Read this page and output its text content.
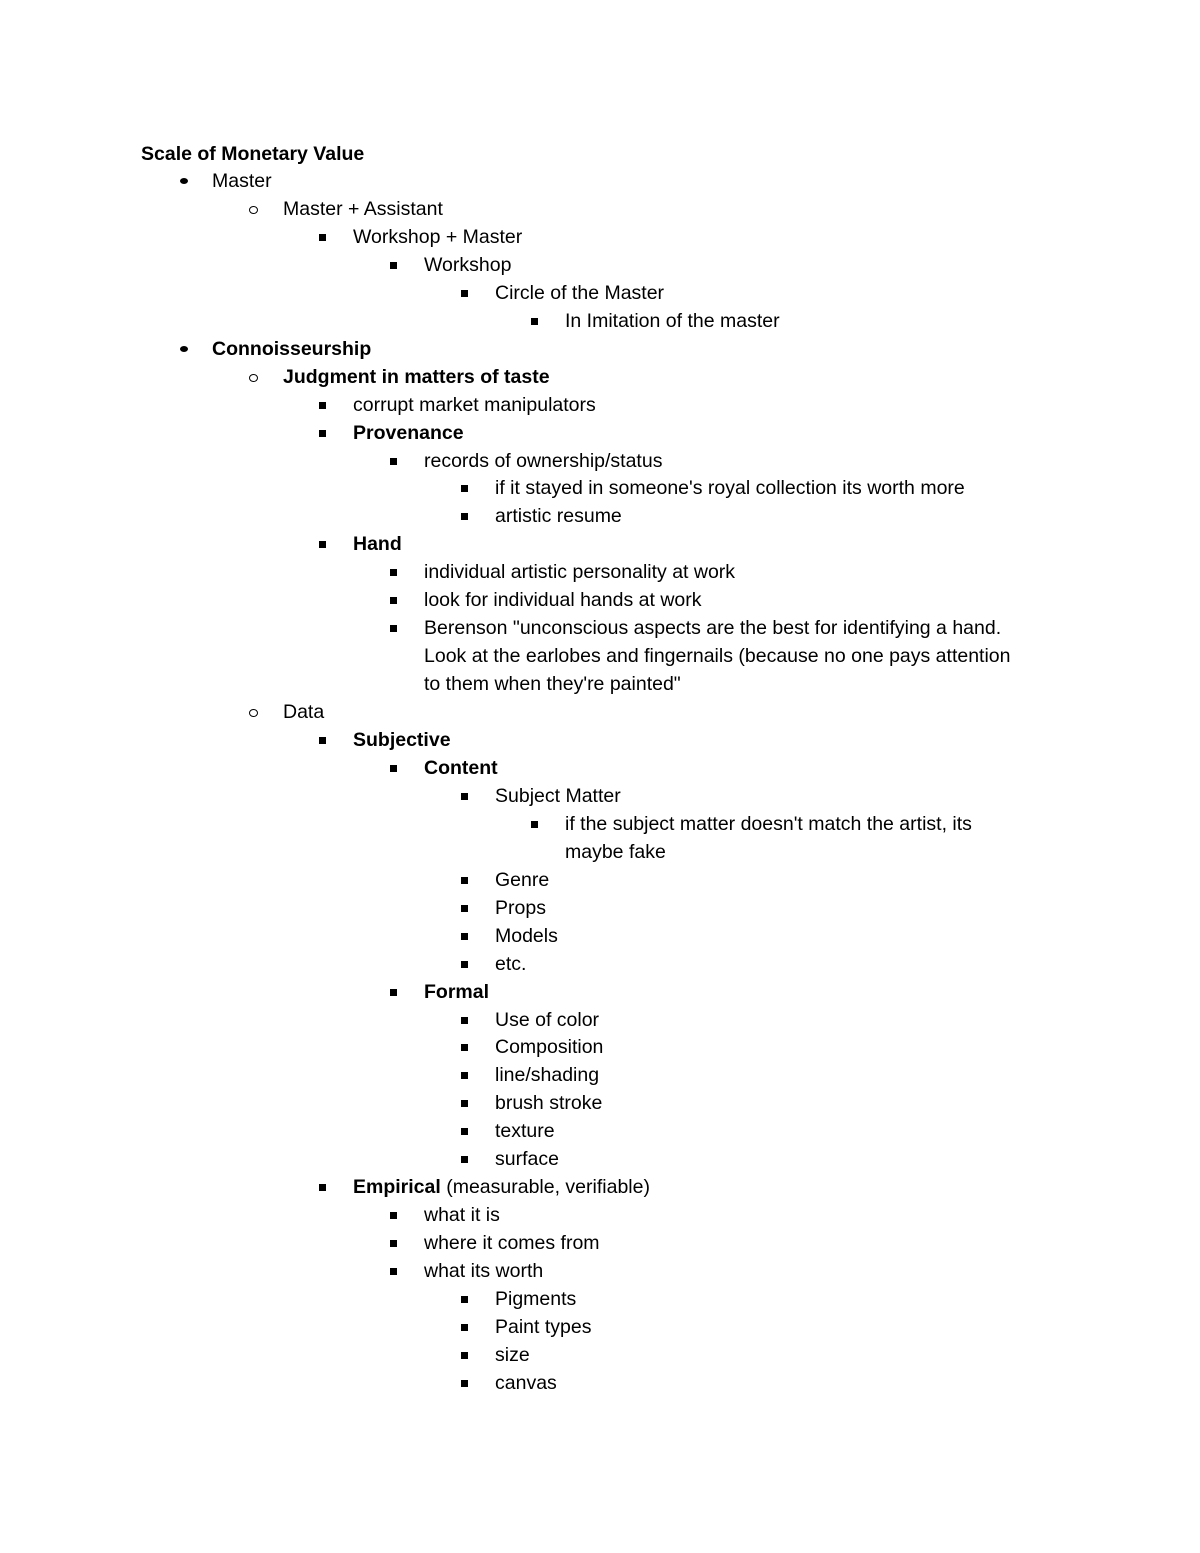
Scale of Monetary Value
Master
Master + Assistant
Workshop + Master
Workshop
Circle of the Master
In Imitation of the master
Connoisseurship
Judgment in matters of taste
corrupt market manipulators
Provenance
records of ownership/status
if it stayed in someone's royal collection its worth more
artistic resume
Hand
individual artistic personality at work
look for individual hands at work
Berenson "unconscious aspects are the best for identifying a hand.
Look at the earlobes and fingernails (because no one pays attention
to them when they're painted"
Data
Subjective
Content
Subject Matter
if the subject matter doesn't match the artist, its
maybe fake
Genre
Props
Models
etc.
Formal
Use of color
Composition
line/shading
brush stroke
texture
surface
Empirical (measurable, verifiable)
what it is
where it comes from
what its worth
Pigments
Paint types
size
canvas
